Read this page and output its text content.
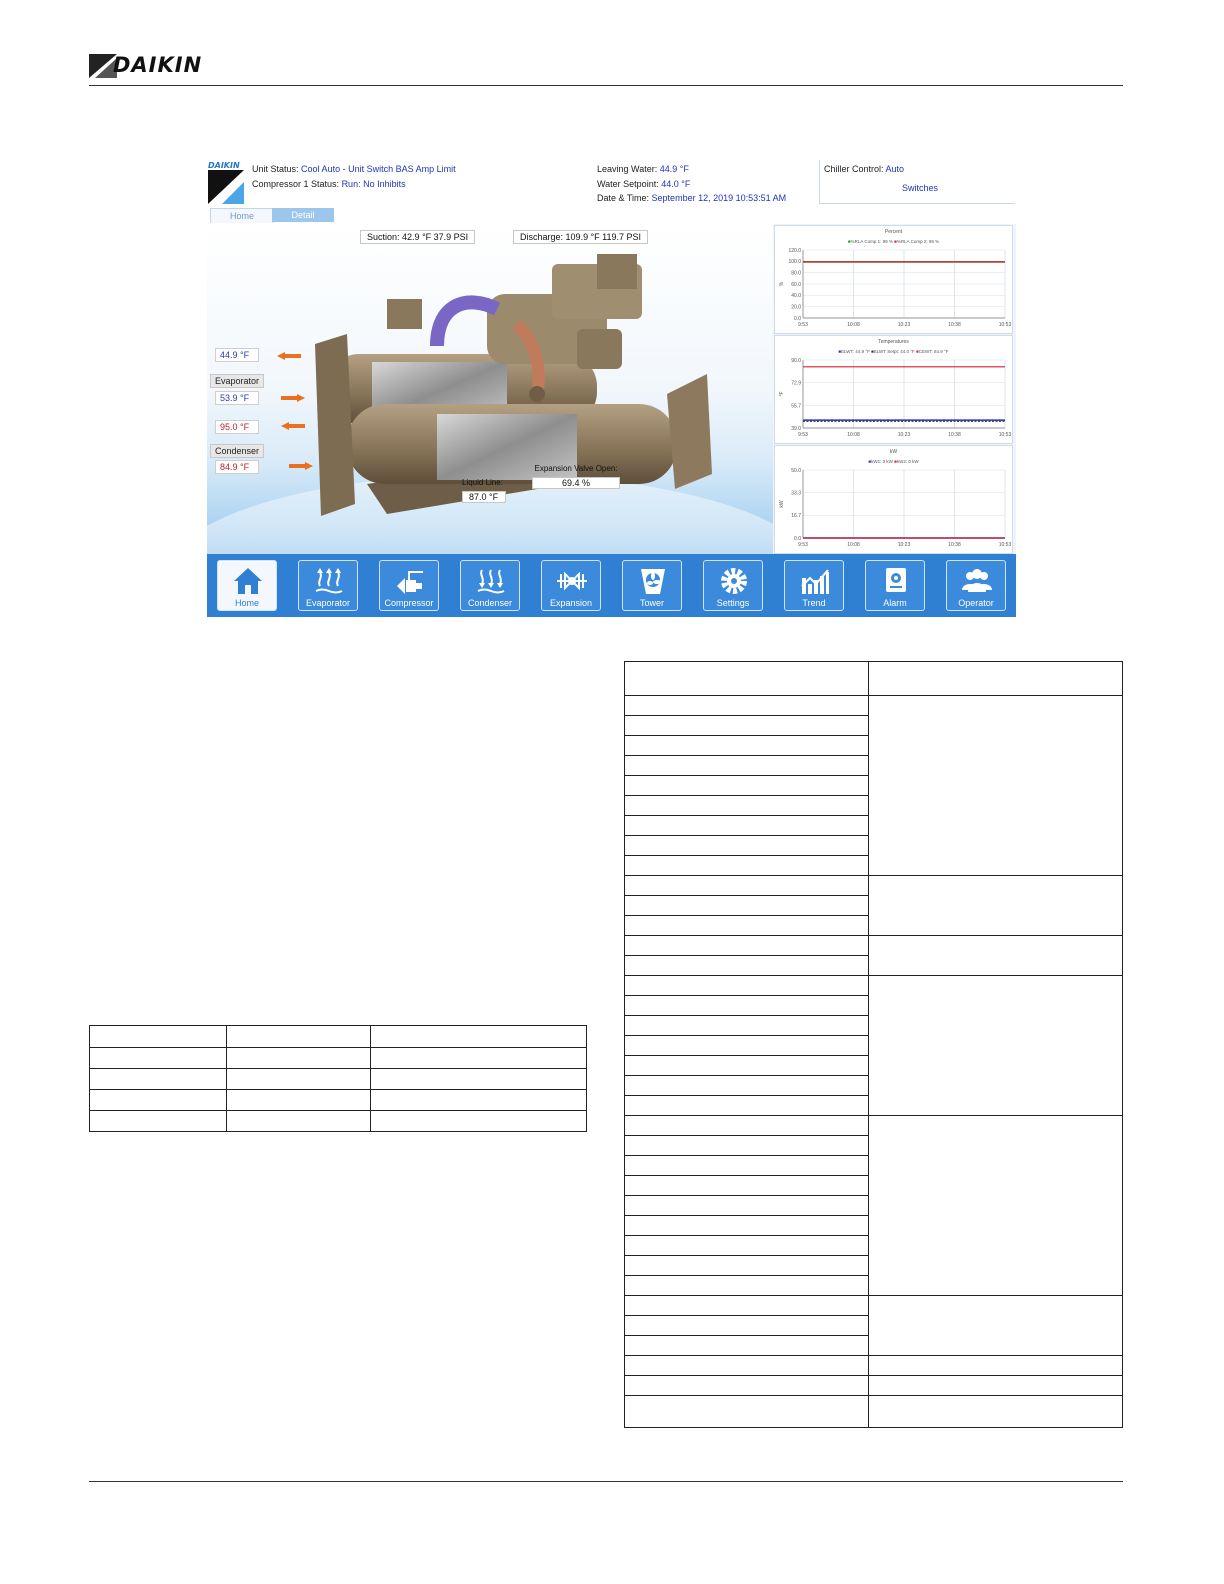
DAIKIN
DAIKIN Unit Status: Cool Auto - Unit Switch BAS Amp Limit
Compressor 1 Status: Run: No Inhibits
Leaving Water: 44.9 °F
Water Setpoint: 44.0 °F
Date & Time: September 12, 2019 10:53:51 AM
Chiller Control: Auto
Switches
Home	Detail
Suction: 42.9 °F 37.9 PSI	Discharge: 109.9 °F 119.7 PSI
44.9 °F
Evaporator
53.9 °F
95.0 °F
Condenser
84.9 °F	Expansion Valve Open:
69.4 %
Liquid Line:
87.0 °F
Percent
■%RLA Comp 1: 99 % ■%RLA Comp 2: 99 %
9:53	10:08	10:23	10:38	10:53
120.0
100.0
80.0
60.0
40.0
20.0
0.0
%
Temperatures
■ELWT: 44.9 °F ■ELWT Setpt: 44.0 °F ■CEWT: 84.9 °F
9:53	10:08	10:23	10:38	10:53
90.0
72.9
55.7
39.0
°F
kW
■kW1: 0 kW ■kW2: 0 kW
9:53	10:08	10:23	10:38	10:53
50.0
33.3
16.7
0.0
kW
Home	Evaporator	Compressor	Condenser	Expansion	Tower	Settings	Trend	Alarm	Operator
